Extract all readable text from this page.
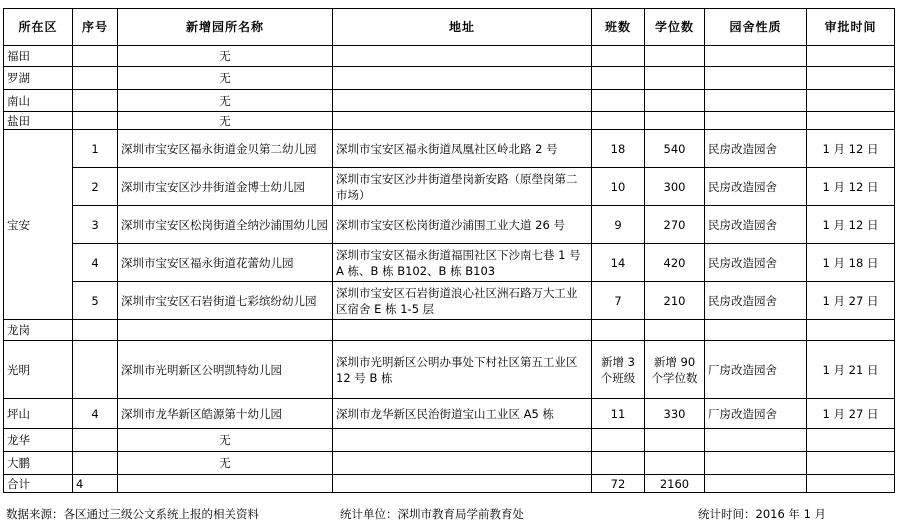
所在区	序号	新增园所名称	地址	班数	学位数	园舍性质	审批时间
福田		无					
罗湖		无					
南山		无					
盐田		无					
宝安	1	深圳市宝安区福永街道金贝第二幼儿园	深圳市宝安区福永街道凤凰社区岭北路 2 号	18	540	民房改造园舍	1 月 12 日
	2	深圳市宝安区沙井街道金博士幼儿园	深圳市宝安区沙井街道壆岗新安路（原壆岗第二市场）	10	300	民房改造园舍	1 月 12 日
	3	深圳市宝安区松岗街道全纳沙浦围幼儿园	深圳市宝安区松岗街道沙浦围工业大道 26 号	9	270	民房改造园舍	1 月 12 日
	4	深圳市宝安区福永街道花蕾幼儿园	深圳市宝安区福永街道福围社区下沙南七巷 1 号 A 栋、B 栋 B102、B 栋 B103	14	420	民房改造园舍	1 月 18 日
	5	深圳市宝安区石岩街道七彩缤纷幼儿园	深圳市宝安区石岩街道浪心社区洲石路万大工业区宿舍 E 栋 1-5 层	7	210	民房改造园舍	1 月 27 日
龙岗							
光明		深圳市光明新区公明凯特幼儿园	深圳市光明新区公明办事处下村社区第五工业区 12 号 B 栋	新增 3 个班级	新增 90 个学位数	厂房改造园舍	1 月 21 日
坪山	4	深圳市龙华新区皓源第十幼儿园	深圳市龙华新区民治街道宝山工业区 A5 栋	11	330	厂房改造园舍	1 月 27 日
龙华		无					
大鹏		无					
合计	4			72	2160		
数据来源：各区通过三级公文系统上报的相关资料	统计单位：深圳市教育局学前教育处	统计时间：2016 年 1 月
